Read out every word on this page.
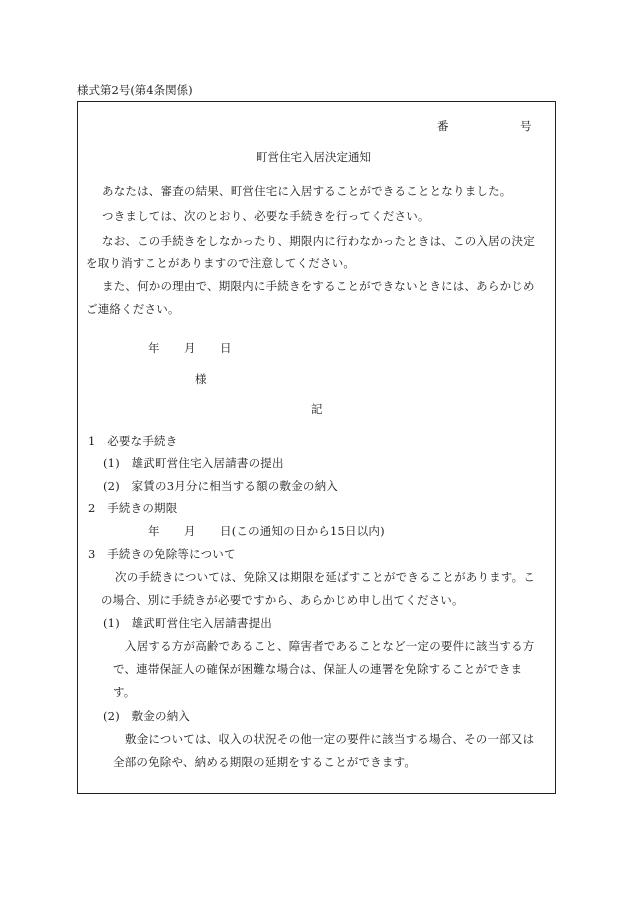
様式第2号(第4条関係)
番	号
町営住宅入居決定通知
あなたは、審査の結果、町営住宅に入居することができることとなりました。
つきましては、次のとおり、必要な手続きを行ってください。
なお、この手続きをしなかったり、期限内に行わなかったときは、この入居の決定
を取り消すことがありますので注意してください。
また、何かの理由で、期限内に手続きをすることができないときには、あらかじめ
ご連絡ください。
年 月 日
様
記
1　必要な手続き
(1)　雄武町営住宅入居請書の提出
(2)　家賃の3月分に相当する額の敷金の納入
2　手続きの期限
年 月 日(この通知の日から15日以内)
3　手続きの免除等について
次の手続きについては、免除又は期限を延ばすことができることがあります。こ
の場合、別に手続きが必要ですから、あらかじめ申し出てください。
(1)　雄武町営住宅入居請書提出
入居する方が高齢であること、障害者であることなど一定の要件に該当する方
で、連帯保証人の確保が困難な場合は、保証人の連署を免除することができま
す。
(2)　敷金の納入
敷金については、収入の状況その他一定の要件に該当する場合、その一部又は
全部の免除や、納める期限の延期をすることができます。
